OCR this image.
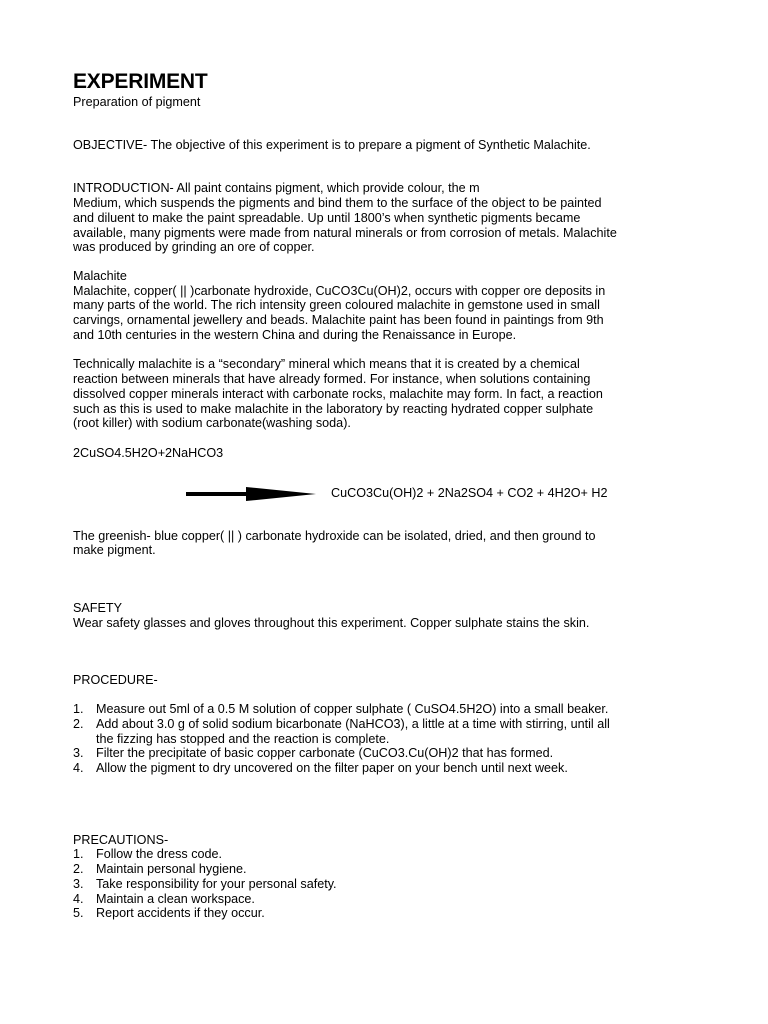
EXPERIMENT
Preparation of pigment
OBJECTIVE- The objective of this experiment is to prepare a pigment of Synthetic Malachite.
INTRODUCTION- All paint contains pigment, which provide colour, the m
Medium, which suspends the pigments and bind them to the surface of the object to be painted
and diluent to make the paint spreadable. Up until 1800’s when synthetic pigments became
available, many pigments were made from natural minerals or from corrosion of metals. Malachite
was produced by grinding an ore of copper.
Malachite
Malachite, copper( || )carbonate hydroxide, CuCO3Cu(OH)2, occurs with copper ore deposits in
many parts of the world. The rich intensity green coloured malachite in gemstone used in small
carvings, ornamental jewellery and beads. Malachite paint has been found in paintings from 9th
and 10th centuries in the western China and during the Renaissance in Europe.
Technically malachite is a “secondary” mineral which means that it is created by a chemical
reaction between minerals that have already formed. For instance, when solutions containing
dissolved copper minerals interact with carbonate rocks, malachite may form. In fact, a reaction
such as this is used to make malachite in the laboratory by reacting hydrated copper sulphate
(root killer) with sodium carbonate(washing soda).
2CuSO4.5H2O+2NaHCO3
CuCO3Cu(OH)2 + 2Na2SO4 + CO2 + 4H2O+ H2
The greenish- blue copper( || ) carbonate hydroxide can be isolated, dried, and then ground to
make pigment.
SAFETY
Wear safety glasses and gloves throughout this experiment. Copper sulphate stains the skin.
PROCEDURE-
1. Measure out 5ml of a 0.5 M solution of copper sulphate ( CuSO4.5H2O) into a small beaker.
2. Add about 3.0 g of solid sodium bicarbonate (NaHCO3), a little at a time with stirring, until all
the fizzing has stopped and the reaction is complete.
3. Filter the precipitate of basic copper carbonate (CuCO3.Cu(OH)2 that has formed.
4. Allow the pigment to dry uncovered on the filter paper on your bench until next week.
PRECAUTIONS-
1. Follow the dress code.
2. Maintain personal hygiene.
3. Take responsibility for your personal safety.
4. Maintain a clean workspace.
5. Report accidents if they occur.
